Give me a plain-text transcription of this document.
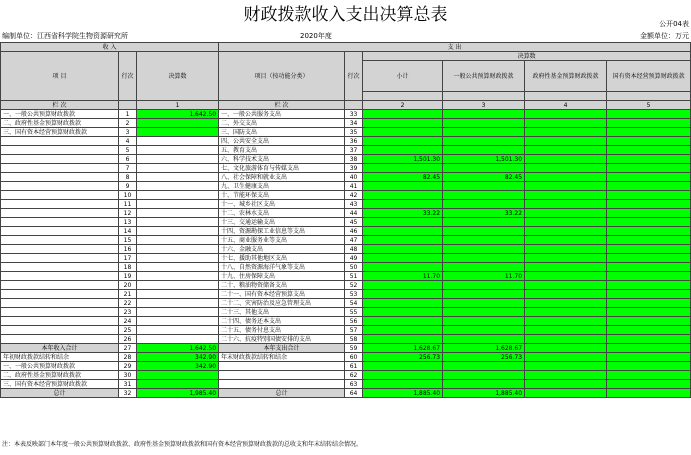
财政拨款收入支出决算总表	公开04表
编制单位：江西省科学院生物资源研究所	2020年度	金额单位：万元
收 入			支 出					
项 目	行次	决算数	项目（按功能分类）	行次	决算数			
					小计	一般公共预算财政拨款	政府性基金预算财政拨款	国有资本经营预算财政拨款

栏 次		1	栏 次		2	3	4	5
一、一般公共预算财政拨款	1	1,642.50	一、一般公共服务支出	33				
二、政府性基金预算财政拨款	2		二、外交支出	34				
三、国有资本经营预算财政拨款	3		三、国防支出	35				
	4		四、公共安全支出	36				
	5		五、教育支出	37				
	6		六、科学技术支出	38	1,501.30	1,501.30		
	7		七、文化旅游体育与传媒支出	39				
	8		八、社会保障和就业支出	40	82.45	82.45		
	9		九、卫生健康支出	41				
	10		十、节能环保支出	42				
	11		十一、城乡社区支出	43				
	12		十二、农林水支出	44	33.22	33.22		
	13		十三、交通运输支出	45				
	14		十四、资源勘探工业信息等支出	46				
	15		十五、商业服务业等支出	47				
	16		十六、金融支出	48				
	17		十七、援助其他地区支出	49				
	18		十八、自然资源海洋气象等支出	50				
	19		十九、住房保障支出	51	11.70	11.70		
	20		二十、粮油物资储备支出	52				
	21		二十一、国有资本经营预算支出	53				
	22		二十二、灾害防治及应急管理支出	54				
	23		二十三、其他支出	55				
	24		二十四、债务还本支出	56				
	25		二十五、债务付息支出	57				
	26		二十六、抗疫特别国债安排的支出	58				
本年收入合计	27	1,642.50	本年支出合计	59	1,628.67	1,628.67		
年初财政拨款结转和结余	28	342.90	年末财政拨款结转和结余	60	256.73	256.73		
一、一般公共预算财政拨款	29	342.90		61				
二、政府性基金预算财政拨款	30			62				
三、国有资本经营预算财政拨款	31			63				
总计	32	1,985.40	总计	64	1,885.40	1,885.40		
注：本表反映部门本年度一般公共预算财政拨款、政府性基金预算财政拨款和国有资本经营预算财政拨款的总收支和年末结转结余情况。
